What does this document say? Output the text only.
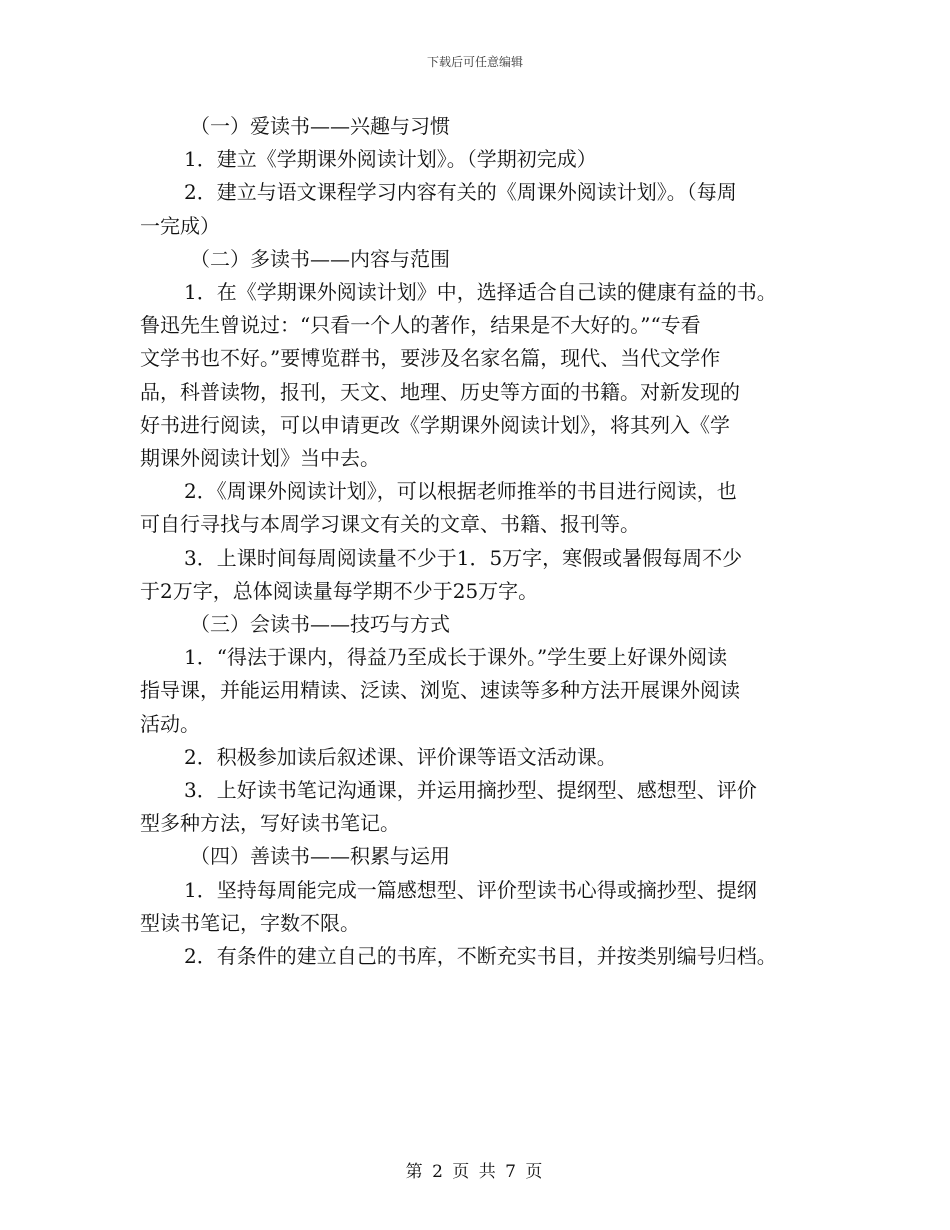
下载后可任意编辑

（一）爱读书——兴趣与习惯

1．建立《学期课外阅读计划》。（学期初完成）

2．建立与语文课程学习内容有关的《周课外阅读计划》。（每周

一完成）

（二）多读书——内容与范围

1．在《学期课外阅读计划》中，选择适合自己读的健康有益的书。

鲁迅先生曾说过：“只看一个人的著作，结果是不大好的。”“专看

文学书也不好。”要博览群书，要涉及名家名篇，现代、当代文学作

品，科普读物，报刊，天文、地理、历史等方面的书籍。对新发现的

好书进行阅读，可以申请更改《学期课外阅读计划》，将其列入《学

期课外阅读计划》当中去。

2．《周课外阅读计划》，可以根据老师推举的书目进行阅读，也

可自行寻找与本周学习课文有关的文章、书籍、报刊等。

3．上课时间每周阅读量不少于1．5万字，寒假或暑假每周不少

于2万字，总体阅读量每学期不少于25万字。

（三）会读书——技巧与方式

1．“得法于课内，得益乃至成长于课外。”学生要上好课外阅读

指导课，并能运用精读、泛读、浏览、速读等多种方法开展课外阅读

活动。

2．积极参加读后叙述课、评价课等语文活动课。

3．上好读书笔记沟通课，并运用摘抄型、提纲型、感想型、评价

型多种方法，写好读书笔记。

（四）善读书——积累与运用

1．坚持每周能完成一篇感想型、评价型读书心得或摘抄型、提纲

型读书笔记，字数不限。

2．有条件的建立自己的书库，不断充实书目，并按类别编号归档。

第 2 页 共 7 页
